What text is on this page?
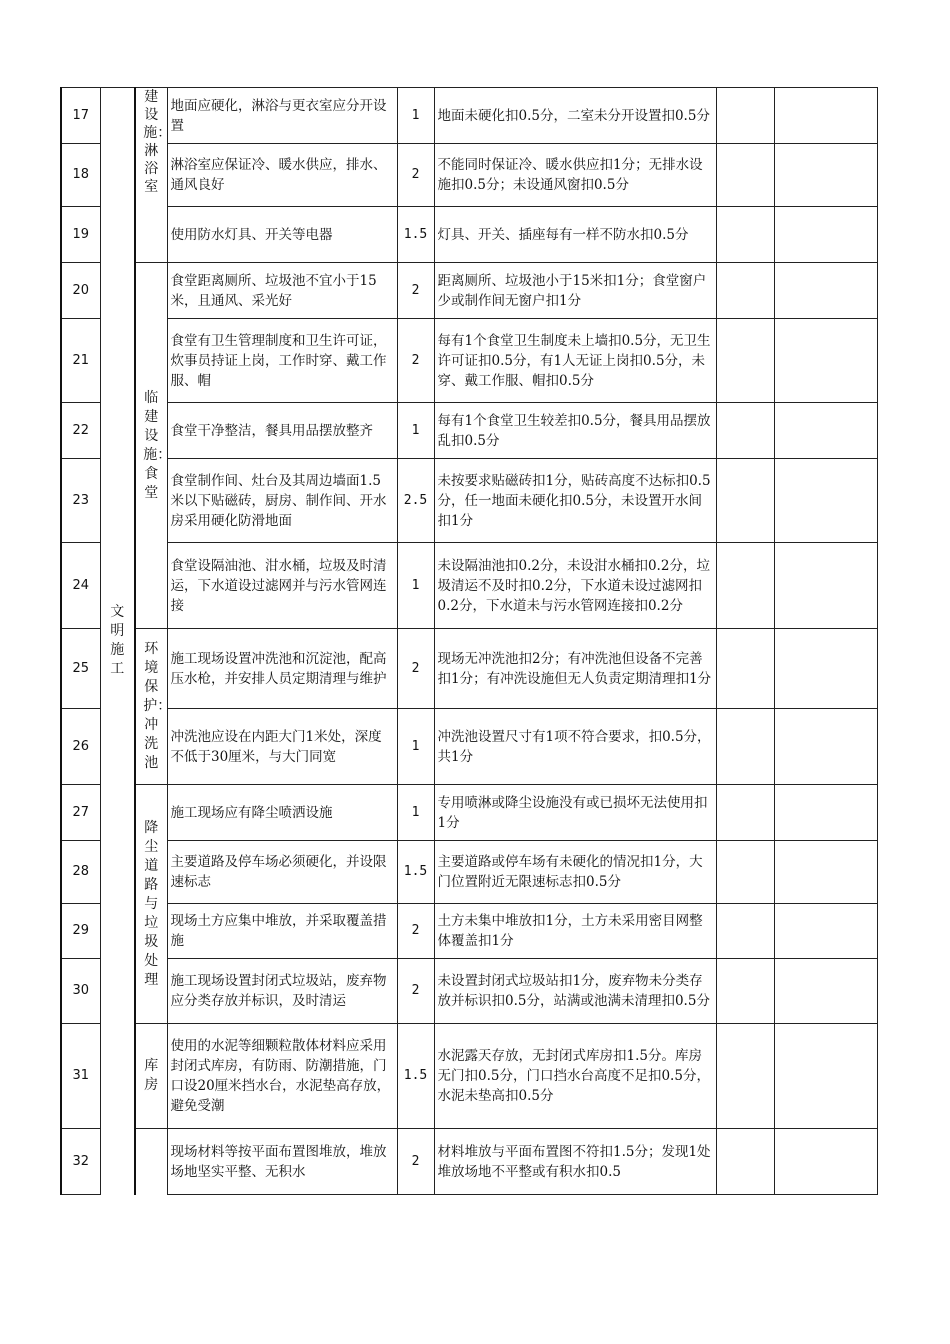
17	文明施工	建设施：淋浴室	地面应硬化，淋浴与更衣室应分开设置	1	地面未硬化扣0.5分，二室未分开设置扣0.5分		
18			淋浴室应保证冷、暖水供应，排水、通风良好	2	不能同时保证冷、暖水供应扣1分；无排水设施扣0.5分；未设通风窗扣0.5分		
19			使用防水灯具、开关等电器	1.5	灯具、开关、插座每有一样不防水扣0.5分		
20		临建设施：食堂	食堂距离厕所、垃圾池不宜小于15米，且通风、采光好	2	距离厕所、垃圾池小于15米扣1分；食堂窗户少或制作间无窗户扣1分		
21			食堂有卫生管理制度和卫生许可证，炊事员持证上岗，工作时穿、戴工作服、帽	2	每有1个食堂卫生制度未上墙扣0.5分，无卫生许可证扣0.5分，有1人无证上岗扣0.5分，未穿、戴工作服、帽扣0.5分		
22			食堂干净整洁，餐具用品摆放整齐	1	每有1个食堂卫生较差扣0.5分，餐具用品摆放乱扣0.5分		
23			食堂制作间、灶台及其周边墙面1.5米以下贴磁砖，厨房、制作间、开水房采用硬化防滑地面	2.5	未按要求贴磁砖扣1分，贴砖高度不达标扣0.5分，任一地面未硬化扣0.5分，未设置开水间扣1分		
24			食堂设隔油池、泔水桶，垃圾及时清运，下水道设过滤网并与污水管网连接	1	未设隔油池扣0.2分，未设泔水桶扣0.2分，垃圾清运不及时扣0.2分，下水道未设过滤网扣0.2分，下水道未与污水管网连接扣0.2分		
25		环境保护：冲洗池	施工现场设置冲洗池和沉淀池，配高压水枪，并安排人员定期清理与维护	2	现场无冲洗池扣2分；有冲洗池但设备不完善扣1分；有冲洗设施但无人负责定期清理扣1分		
26			冲洗池应设在内距大门1米处，深度不低于30厘米，与大门同宽	1	冲洗池设置尺寸有1项不符合要求，扣0.5分，共1分		
27		降尘道路与垃圾处理	施工现场应有降尘喷洒设施	1	专用喷淋或降尘设施没有或已损坏无法使用扣1分		
28			主要道路及停车场必须硬化，并设限速标志	1.5	主要道路或停车场有未硬化的情况扣1分，大门位置附近无限速标志扣0.5分		
29			现场土方应集中堆放，并采取覆盖措施	2	土方未集中堆放扣1分，土方未采用密目网整体覆盖扣1分		
30			施工现场设置封闭式垃圾站，废弃物应分类存放并标识，及时清运	2	未设置封闭式垃圾站扣1分，废弃物未分类存放并标识扣0.5分，站满或池满未清理扣0.5分		
31		库房	使用的水泥等细颗粒散体材料应采用封闭式库房，有防雨、防潮措施，门口设20厘米挡水台，水泥垫高存放，避免受潮	1.5	水泥露天存放，无封闭式库房扣1.5分。库房无门扣0.5分，门口挡水台高度不足扣0.5分，水泥未垫高扣0.5分		
32			现场材料等按平面布置图堆放，堆放场地坚实平整、无积水	2	材料堆放与平面布置图不符扣1.5分；发现1处堆放场地不平整或有积水扣0.5		
